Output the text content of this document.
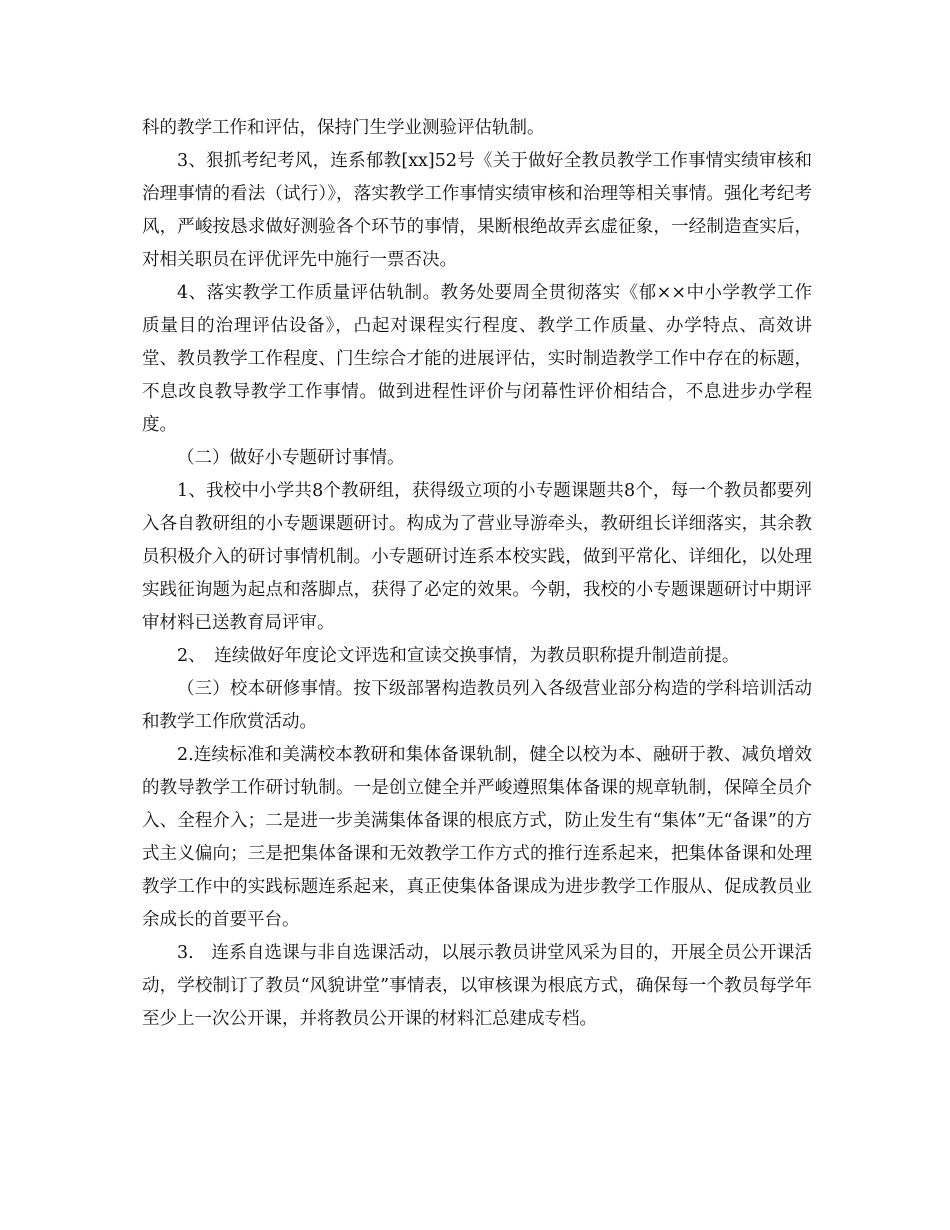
科的教学工作和评估，保持门生学业测验评估轨制。

3、狠抓考纪考风，连系郁教[xx]52号《关于做好全教员教学工作事情实绩审核和治理事情的看法（试行）》，落实教学工作事情实绩审核和治理等相关事情。强化考纪考风，严峻按恳求做好测验各个环节的事情，果断根绝故弄玄虚征象，一经制造查实后，对相关职员在评优评先中施行一票否决。

4、落实教学工作质量评估轨制。教务处要周全贯彻落实《郁××中小学教学工作质量目的治理评估设备》，凸起对课程实行程度、教学工作质量、办学特点、高效讲堂、教员教学工作程度、门生综合才能的进展评估，实时制造教学工作中存在的标题，不息改良教导教学工作事情。做到进程性评价与闭幕性评价相结合，不息进步办学程度。

（二）做好小专题研讨事情。

1、我校中小学共8个教研组，获得级立项的小专题课题共8个，每一个教员都要列入各自教研组的小专题课题研讨。构成为了营业导游牵头，教研组长详细落实，其余教员积极介入的研讨事情机制。小专题研讨连系本校实践，做到平常化、详细化，以处理实践征询题为起点和落脚点，获得了必定的效果。今朝，我校的小专题课题研讨中期评审材料已送教育局评审。

2、　连续做好年度论文评选和宣读交换事情，为教员职称提升制造前提。

（三）校本研修事情。按下级部署构造教员列入各级营业部分构造的学科培训活动和教学工作欣赏活动。

2.连续标准和美满校本教研和集体备课轨制，健全以校为本、融研于教、减负增效的教导教学工作研讨轨制。一是创立健全并严峻遵照集体备课的规章轨制，保障全员介入、全程介入；二是进一步美满集体备课的根底方式，防止发生有“集体”无“备课”的方式主义偏向；三是把集体备课和无效教学工作方式的推行连系起来，把集体备课和处理教学工作中的实践标题连系起来，真正使集体备课成为进步教学工作服从、促成教员业余成长的首要平台。

3.　连系自选课与非自选课活动，以展示教员讲堂风采为目的，开展全员公开课活动，学校制订了教员“风貌讲堂”事情表，以审核课为根底方式，确保每一个教员每学年至少上一次公开课，并将教员公开课的材料汇总建成专档。
